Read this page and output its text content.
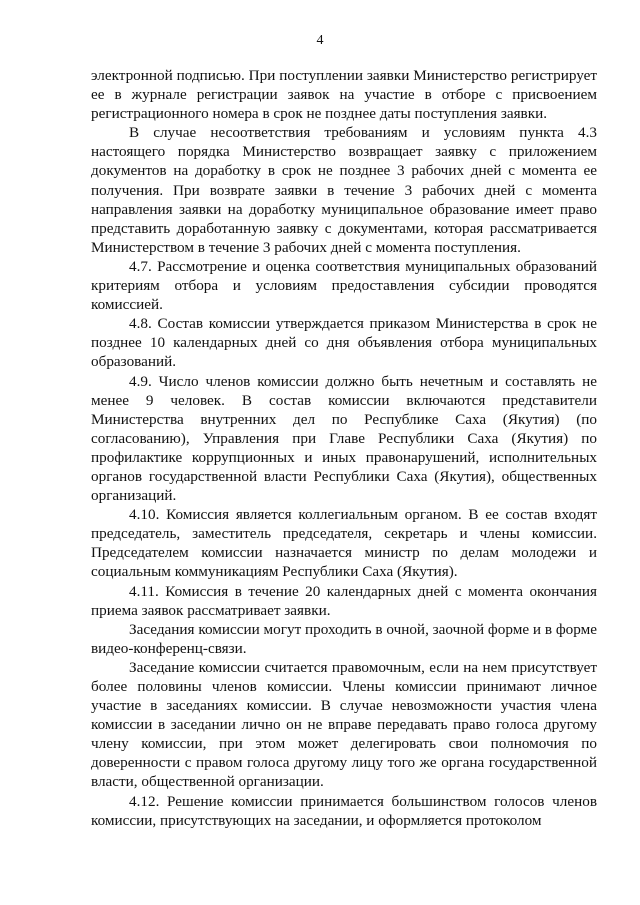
4

электронной подписью. При поступлении заявки Министерство регистрирует ее в журнале регистрации заявок на участие в отборе с присвоением регистрационного номера в срок не позднее даты поступления заявки.

В случае несоответствия требованиям и условиям пункта 4.3 настоящего порядка Министерство возвращает заявку с приложением документов на доработку в срок не позднее 3 рабочих дней с момента ее получения. При возврате заявки в течение 3 рабочих дней с момента направления заявки на доработку муниципальное образование имеет право представить доработанную заявку с документами, которая рассматривается Министерством в течение 3 рабочих дней с момента поступления.

4.7. Рассмотрение и оценка соответствия муниципальных образований критериям отбора и условиям предоставления субсидии проводятся комиссией.

4.8. Состав комиссии утверждается приказом Министерства в срок не позднее 10 календарных дней со дня объявления отбора муниципальных образований.

4.9. Число членов комиссии должно быть нечетным и составлять не менее 9 человек. В состав комиссии включаются представители Министерства внутренних дел по Республике Саха (Якутия) (по согласованию), Управления при Главе Республики Саха (Якутия) по профилактике коррупционных и иных правонарушений, исполнительных органов государственной власти Республики Саха (Якутия), общественных организаций.

4.10. Комиссия является коллегиальным органом. В ее состав входят председатель, заместитель председателя, секретарь и члены комиссии. Председателем комиссии назначается министр по делам молодежи и социальным коммуникациям Республики Саха (Якутия).

4.11. Комиссия в течение 20 календарных дней с момента окончания приема заявок рассматривает заявки.

Заседания комиссии могут проходить в очной, заочной форме и в форме видео-конференц-связи.

Заседание комиссии считается правомочным, если на нем присутствует более половины членов комиссии. Члены комиссии принимают личное участие в заседаниях комиссии. В случае невозможности участия члена комиссии в заседании лично он не вправе передавать право голоса другому члену комиссии, при этом может делегировать свои полномочия по доверенности с правом голоса другому лицу того же органа государственной власти, общественной организации.

4.12. Решение комиссии принимается большинством голосов членов комиссии, присутствующих на заседании, и оформляется протоколом
